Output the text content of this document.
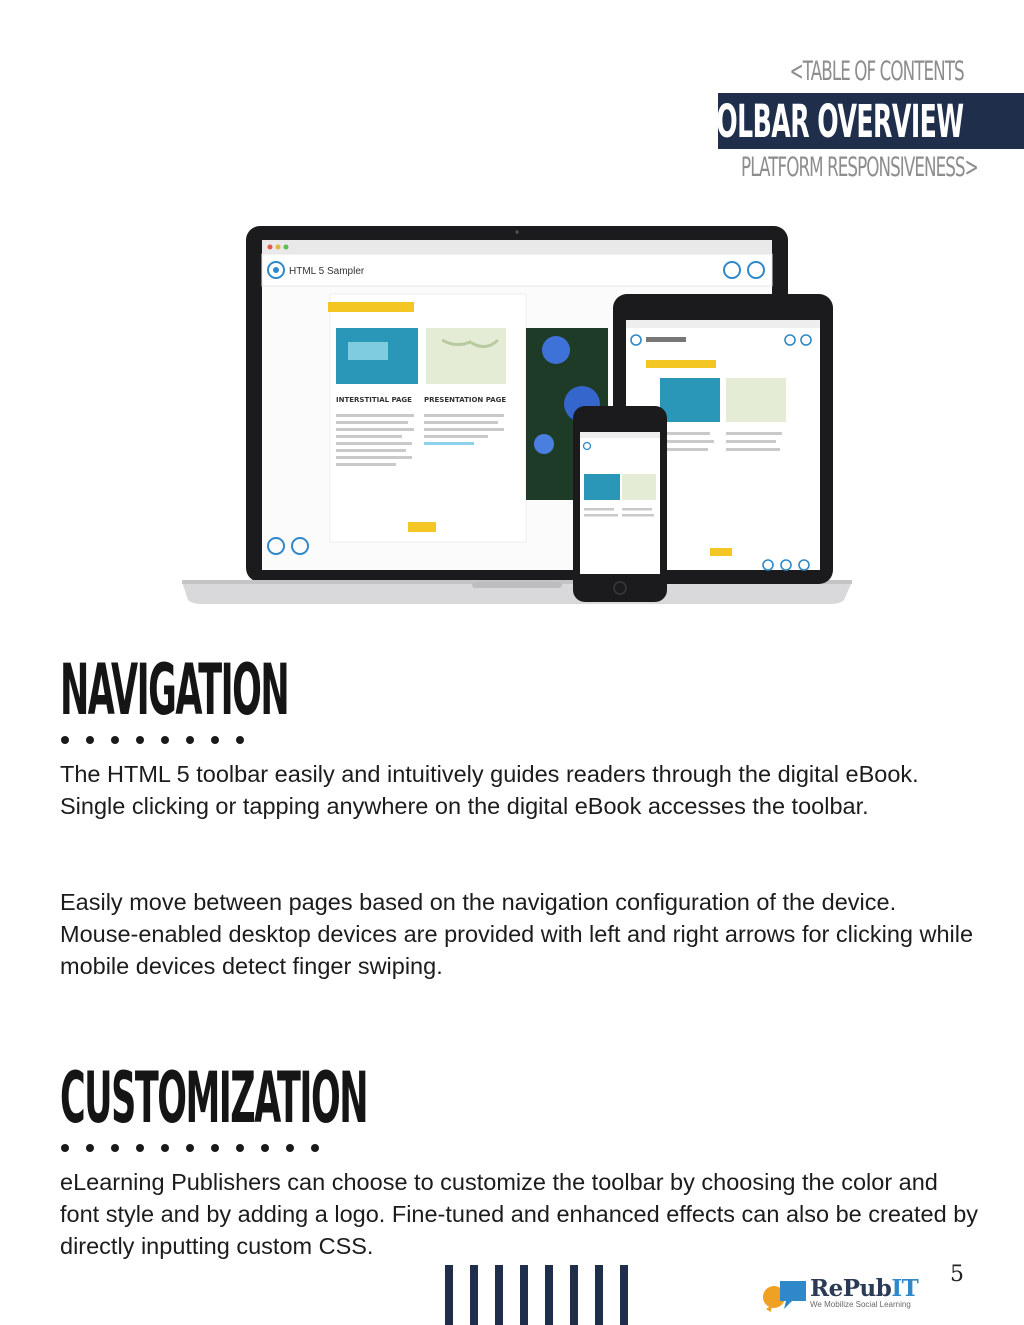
<TABLE OF CONTENTS
TOOLBAR OVERVIEW
PLATFORM RESPONSIVENESS>
HTML 5 Sampler
INTERSTITIAL PAGE PRESENTATION PAGE
NAVIGATION

The HTML 5 toolbar easily and intuitively guides readers through the digital eBook. Single clicking or tapping anywhere on the digital eBook accesses the toolbar.

Easily move between pages based on the navigation configuration of the device. Mouse-enabled desktop devices are provided with left and right arrows for clicking while mobile devices detect finger swiping.

CUSTOMIZATION

eLearning Publishers can choose to customize the toolbar by choosing the color and font style and by adding a logo. Fine-tuned and enhanced effects can also be created by directly inputting custom CSS.

RePubIT
We Mobilize Social Learning
5
